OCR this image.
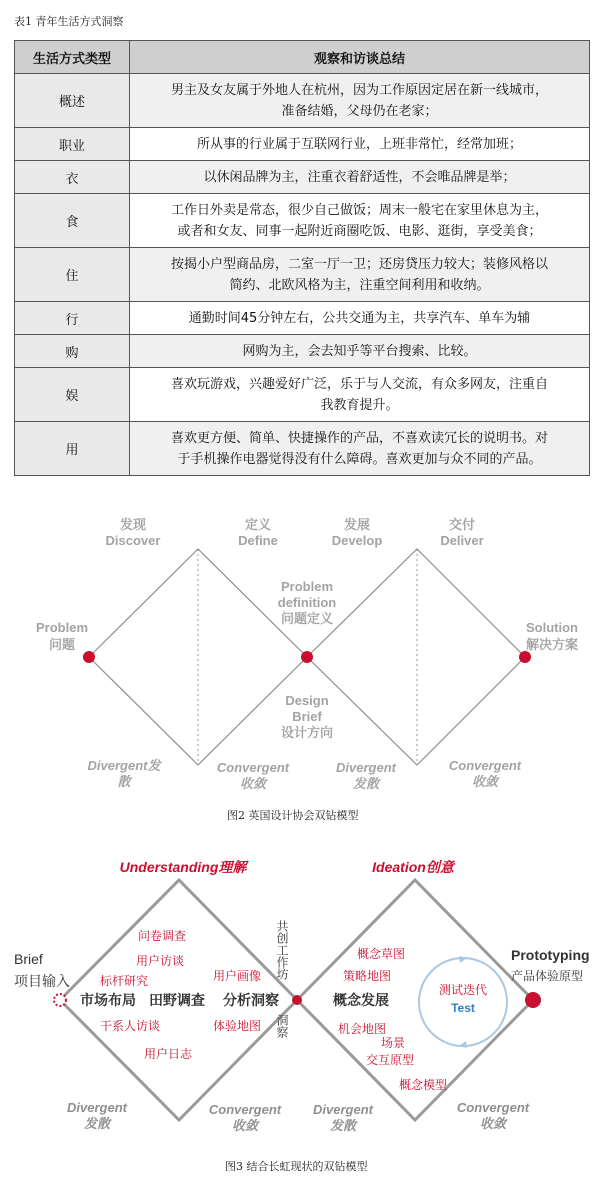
表1 青年生活方式洞察
生活方式类型	观察和访谈总结
概述	男主及女友属于外地人在杭州，因为工作原因定居在新一线城市，
准备结婚，父母仍在老家；

职业	所从事的行业属于互联网行业，上班非常忙，经常加班；

衣	以休闲品牌为主，注重衣着舒适性，不会唯品牌是举；

食	工作日外卖是常态，很少自己做饭；周末一般宅在家里休息为主，
或者和女友、同事一起附近商圈吃饭、电影、逛街，享受美食；

住	按揭小户型商品房，二室一厅一卫；还房贷压力较大；装修风格以
简约、北欧风格为主，注重空间利用和收纳。

行	通勤时间45分钟左右，公共交通为主，共享汽车、单车为辅

购	网购为主，会去知乎等平台搜索、比较。

娱	喜欢玩游戏，兴趣爱好广泛，乐于与人交流，有众多网友，注重自
我教育提升。

用	喜欢更方便、简单、快捷操作的产品，不喜欢读冗长的说明书。对
于手机操作电器觉得没有什么障碍。喜欢更加与众不同的产品。
发现
Discover
定义
Define
发展
Develop
交付
Deliver
Problem
问题
Problem
definition
问题定义
Design
Brief
设计方向
Solution
解决方案
Divergent发
散
Convergent
收敛
Divergent
发散
Convergent
收敛
图2 英国设计协会双钻模型
Understanding理解	Ideation创意
Brief
项目输入
问卷调查
用户访谈
标杆研究
干系人访谈
用户日志
用户画像
体验地图
市场布局 田野调查 分析洞察
共创工作坊
洞察
概念草图
策略地图
机会地图
场景
交互原型
概念模型
概念发展
测试迭代
Test
Prototyping
产品体验原型
Divergent
发散
Convergent
收敛
Divergent
发散
Convergent
收敛
图3 结合长虹现状的双钻模型
